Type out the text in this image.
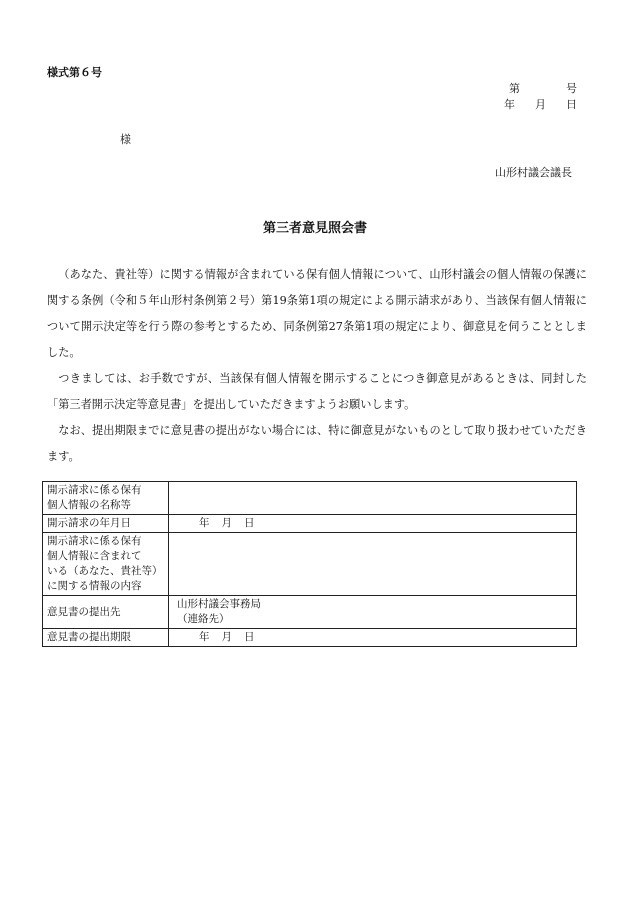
様式第６号
第	号
年 月 日
様
山形村議会議長
第三者意見照会書

（あなた、貴社等）に関する情報が含まれている保有個人情報について、山形村議会の個人情報の保護に関する条例（令和５年山形村条例第２号）第19条第1項の規定による開示請求があり、当該保有個人情報について開示決定等を行う際の参考とするため、同条例第27条第1項の規定により、御意見を伺うこととしました。

つきましては、お手数ですが、当該保有個人情報を開示することにつき御意見があるときは、同封した「第三者開示決定等意見書」を提出していただきますようお願いします。

なお、提出期限までに意見書の提出がない場合には、特に御意見がないものとして取り扱わせていただきます。

開示請求に係る保有
個人情報の名称等	

開示請求の年月日	年 月 日

開示請求に係る保有
個人情報に含まれて
いる（あなた、貴社等）
に関する情報の内容	

意見書の提出先	山形村議会事務局
（連絡先）

意見書の提出期限	年 月 日
